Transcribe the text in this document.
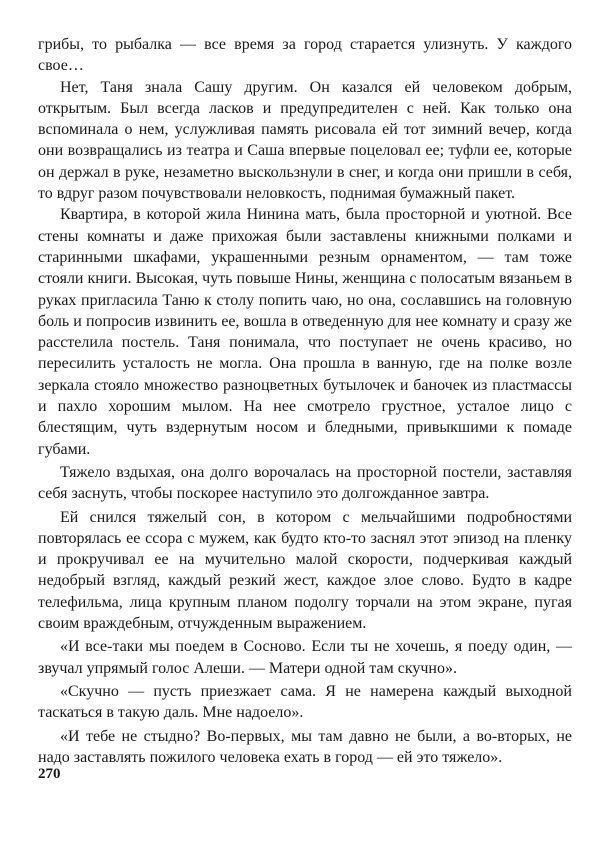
грибы, то рыбалка — все время за город старается улизнуть. У каждого свое…

Нет, Таня знала Сашу другим. Он казался ей человеком добрым, открытым. Был всегда ласков и предупредителен с ней. Как только она вспоминала о нем, услужливая память рисовала ей тот зимний вечер, когда они возвращались из театра и Саша впервые поцеловал ее; туфли ее, которые он держал в руке, незаметно выскользнули в снег, и когда они пришли в себя, то вдруг разом почувствовали неловкость, поднимая бумажный пакет.

Квартира, в которой жила Нинина мать, была просторной и уютной. Все стены комнаты и даже прихожая были заставлены книжными полками и старинными шкафами, украшенными резным орнаментом, — там тоже стояли книги. Высокая, чуть повыше Нины, женщина с полосатым вязаньем в руках пригласила Таню к столу попить чаю, но она, сославшись на головную боль и попросив извинить ее, вошла в отведенную для нее комнату и сразу же расстелила постель. Таня понимала, что поступает не очень красиво, но пересилить усталость не могла. Она прошла в ванную, где на полке возле зеркала стояло множество разноцветных бутылочек и баночек из пластмассы и пахло хорошим мылом. На нее смотрело грустное, усталое лицо с блестящим, чуть вздернутым носом и бледными, привыкшими к помаде губами.

Тяжело вздыхая, она долго ворочалась на просторной постели, заставляя себя заснуть, чтобы поскорее наступило это долгожданное завтра.

Ей снился тяжелый сон, в котором с мельчайшими подробностями повторялась ее ссора с мужем, как будто кто-то заснял этот эпизод на пленку и прокручивал ее на мучительно малой скорости, подчеркивая каждый недобрый взгляд, каждый резкий жест, каждое злое слово. Будто в кадре телефильма, лица крупным планом подолгу торчали на этом экране, пугая своим враждебным, отчужденным выражением.

«И все-таки мы поедем в Сосново. Если ты не хочешь, я поеду один, — звучал упрямый голос Алеши. — Матери одной там скучно».

«Скучно — пусть приезжает сама. Я не намерена каждый выходной таскаться в такую даль. Мне надоело».

«И тебе не стыдно? Во-первых, мы там давно не были, а во-вторых, не надо заставлять пожилого человека ехать в город — ей это тяжело».

270
